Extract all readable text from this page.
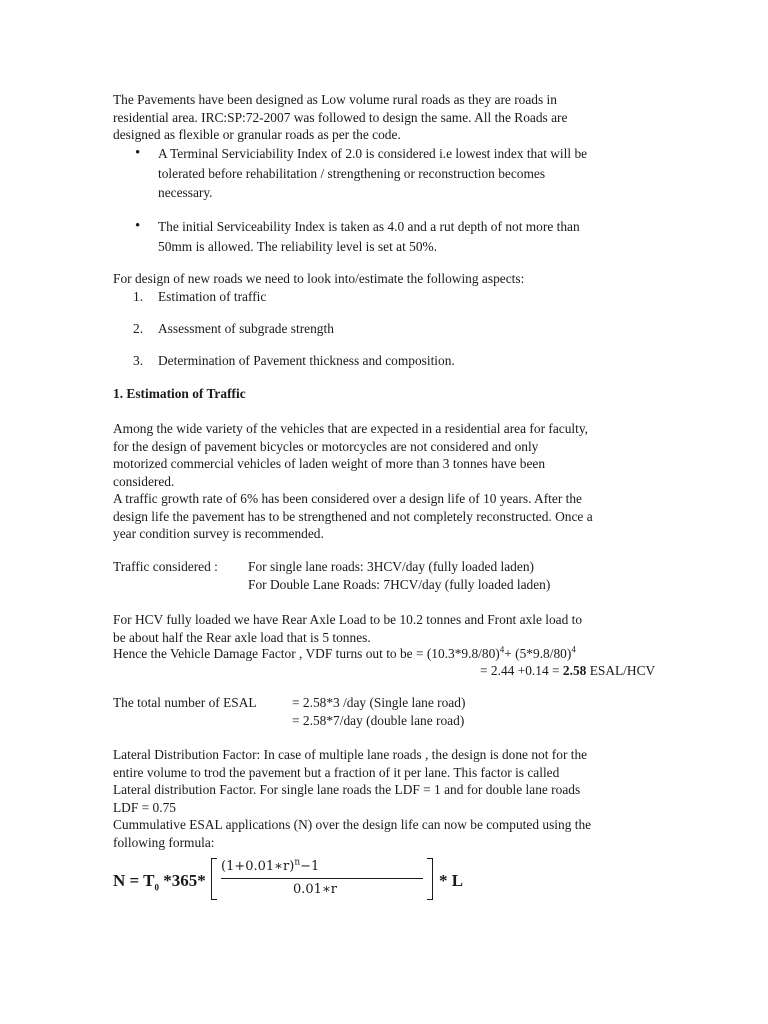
The Pavements have been designed as Low volume rural roads as they are roads in

residential area. IRC:SP:72-2007 was followed to design the same. All the Roads are

designed as flexible or granular roads as per the code.

• A Terminal Serviciability Index of 2.0 is considered i.e lowest index that will be
tolerated before rehabilitation / strengthening or reconstruction becomes
necessary.
• The initial Serviceability Index is taken as 4.0 and a rut depth of not more than
50mm is allowed. The reliability level is set at 50%.
For design of new roads we need to look into/estimate the following aspects:
1. Estimation of traffic
2. Assessment of subgrade strength
3. Determination of Pavement thickness and composition.
1. Estimation of Traffic

Among the wide variety of the vehicles that are expected in a residential area for faculty,

for the design of pavement bicycles or motorcycles are not considered and only

motorized commercial vehicles of laden weight of more than 3 tonnes have been

considered.

A traffic growth rate of 6% has been considered over a design life of 10 years. After the

design life the pavement has to be strengthened and not completely reconstructed. Once a

year condition survey is recommended.

Traffic considered : For single lane roads: 3HCV/day (fully loaded laden)
For Double Lane Roads: 7HCV/day (fully loaded laden)

For HCV fully loaded we have Rear Axle Load to be 10.2 tonnes and Front axle load to

be about half the Rear axle load that is 5 tonnes.

Hence the Vehicle Damage Factor , VDF turns out to be = $(10.3*9.8/80)^4+ (5*9.8/80)^4$
= 2.44 +0.14 = 2.58 ESAL/HCV
The total number of ESAL	= 2.58*3 /day (Single lane road)
= 2.58*7/day (double lane road)

Lateral Distribution Factor: In case of multiple lane roads , the design is done not for the

entire volume to trod the pavement but a fraction of it per lane. This factor is called

Lateral distribution Factor. For single lane roads the LDF = 1 and for double lane roads

LDF = 0.75

Cummulative ESAL applications (N) over the design life can now be computed using the

following formula:

$N = T_0$ *365*
(1+0.01∗r)$^n$−1
0.01∗r	* L
